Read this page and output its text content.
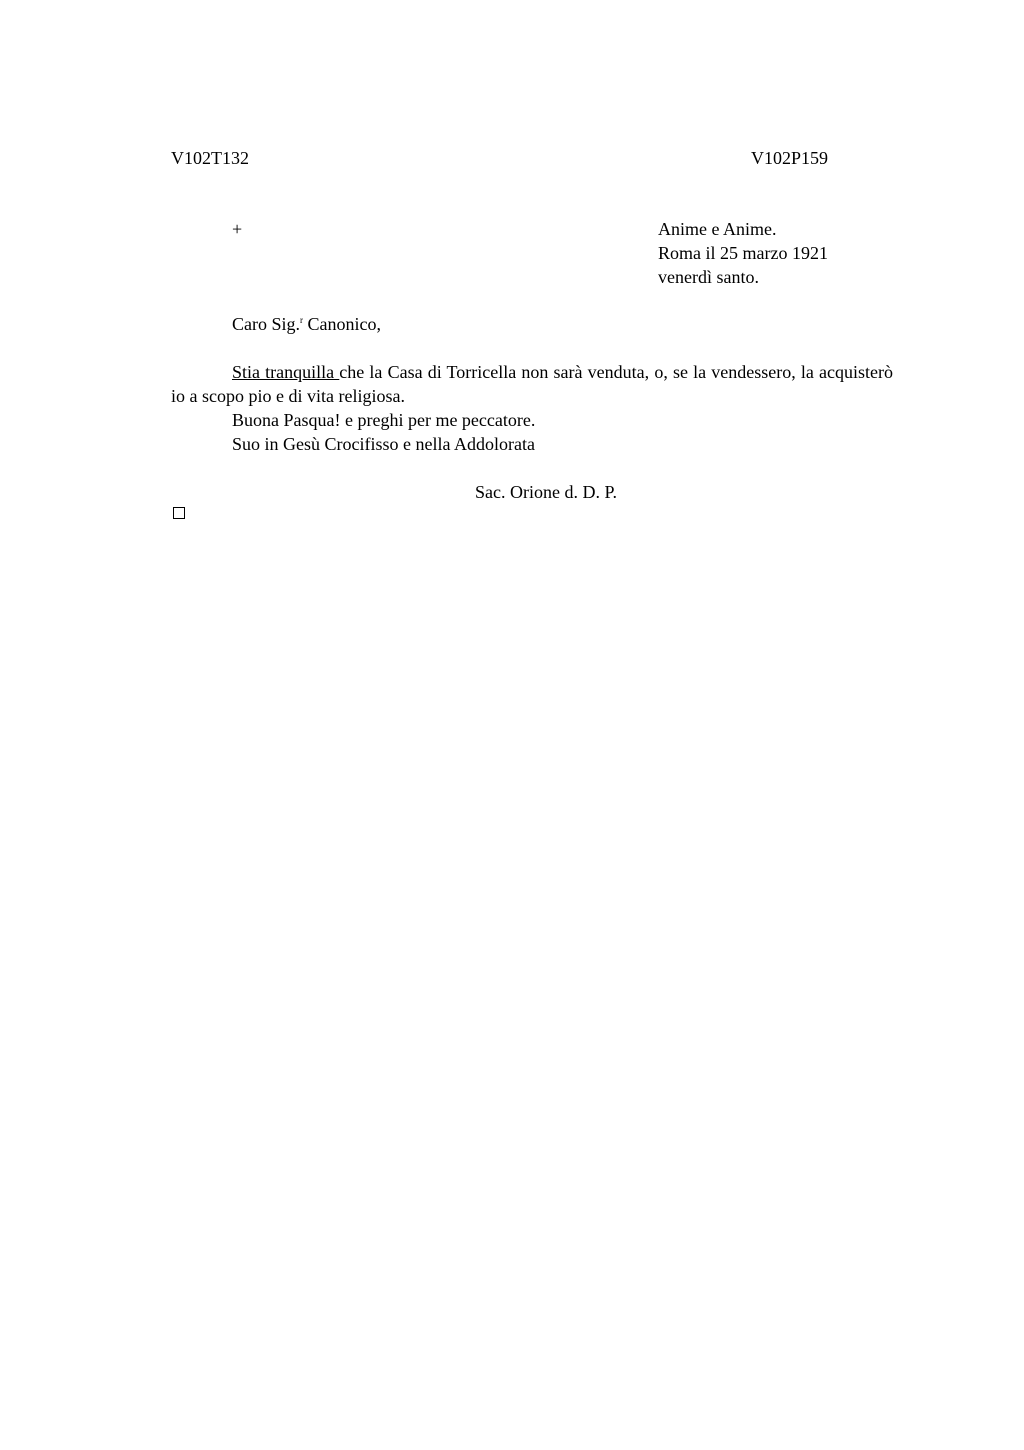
V102T132	V102P159
+	Anime e Anime.
Roma il 25 marzo 1921
venerdì santo.
Caro Sig.$^r$ Canonico,

Stia tranquilla che la Casa di Torricella non sarà venduta, o, se la vendessero, la acquisterò io a scopo pio e di vita religiosa.

Buona Pasqua! e preghi per me peccatore.

Suo in Gesù Crocifisso e nella Addolorata

Sac. Orione d. D. P.
